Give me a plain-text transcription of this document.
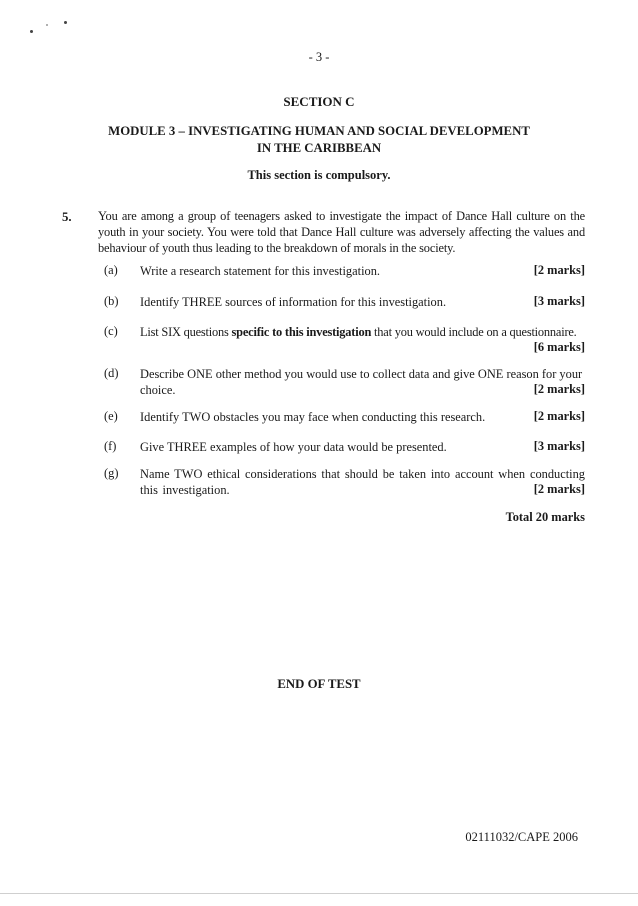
- 3 -
SECTION C
MODULE 3 – INVESTIGATING HUMAN AND SOCIAL DEVELOPMENT
IN THE CARIBBEAN
This section is compulsory.
5. You are among a group of teenagers asked to investigate the impact of Dance Hall culture on the youth in your society. You were told that Dance Hall culture was adversely affecting the values and behaviour of youth thus leading to the breakdown of morals in the society.
(a) Write a research statement for this investigation.	[2 marks]
(b) Identify THREE sources of information for this investigation.	[3 marks]
(c) List SIX questions specific to this investigation that you would include on a questionnaire.
[6 marks]
(d) Describe ONE other method you would use to collect data and give ONE reason for your choice.	[2 marks]
(e) Identify TWO obstacles you may face when conducting this research.	[2 marks]
(f) Give THREE examples of how your data would be presented.	[3 marks]
(g) Name TWO ethical considerations that should be taken into account when conducting this investigation.	[2 marks]
Total 20 marks
END OF TEST
02111032/CAPE 2006
